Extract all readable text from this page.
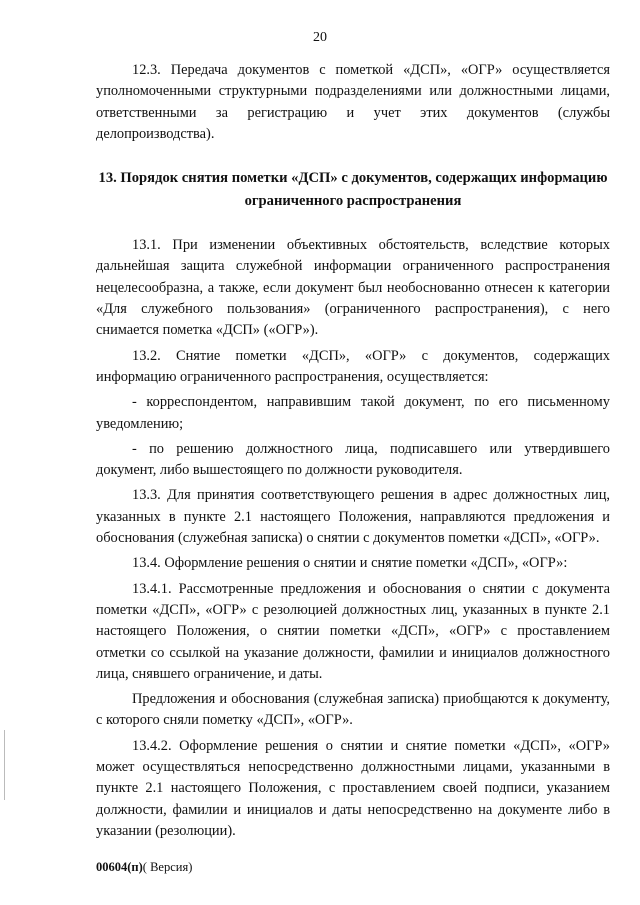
20

12.3. Передача документов с пометкой «ДСП», «ОГР» осуществляется уполномоченными структурными подразделениями или должностными лицами, ответственными за регистрацию и учет этих документов (службы делопроизводства).

13. Порядок снятия пометки «ДСП» с документов, содержащих информацию ограниченного распространения

13.1. При изменении объективных обстоятельств, вследствие которых дальнейшая защита служебной информации ограниченного распространения нецелесообразна, а также, если документ был необоснованно отнесен к категории «Для служебного пользования» (ограниченного распространения), с него снимается пометка «ДСП» («ОГР»).

13.2. Снятие пометки «ДСП», «ОГР» с документов, содержащих информацию ограниченного распространения, осуществляется:

- корреспондентом, направившим такой документ, по его письменному уведомлению;

- по решению должностного лица, подписавшего или утвердившего документ, либо вышестоящего по должности руководителя.

13.3. Для принятия соответствующего решения в адрес должностных лиц, указанных в пункте 2.1 настоящего Положения, направляются предложения и обоснования (служебная записка) о снятии с документов пометки «ДСП», «ОГР».

13.4. Оформление решения о снятии и снятие пометки «ДСП», «ОГР»:

13.4.1. Рассмотренные предложения и обоснования о снятии с документа пометки «ДСП», «ОГР» с резолюцией должностных лиц, указанных в пункте 2.1 настоящего Положения, о снятии пометки «ДСП», «ОГР» с проставлением отметки со ссылкой на указание должности, фамилии и инициалов должностного лица, снявшего ограничение, и даты.

Предложения и обоснования (служебная записка) приобщаются к документу, с которого сняли пометку «ДСП», «ОГР».

13.4.2. Оформление решения о снятии и снятие пометки «ДСП», «ОГР» может осуществляться непосредственно должностными лицами, указанными в пункте 2.1 настоящего Положения, с проставлением своей подписи, указанием должности, фамилии и инициалов и даты непосредственно на документе либо в указании (резолюции).

00604(п)( Версия)
